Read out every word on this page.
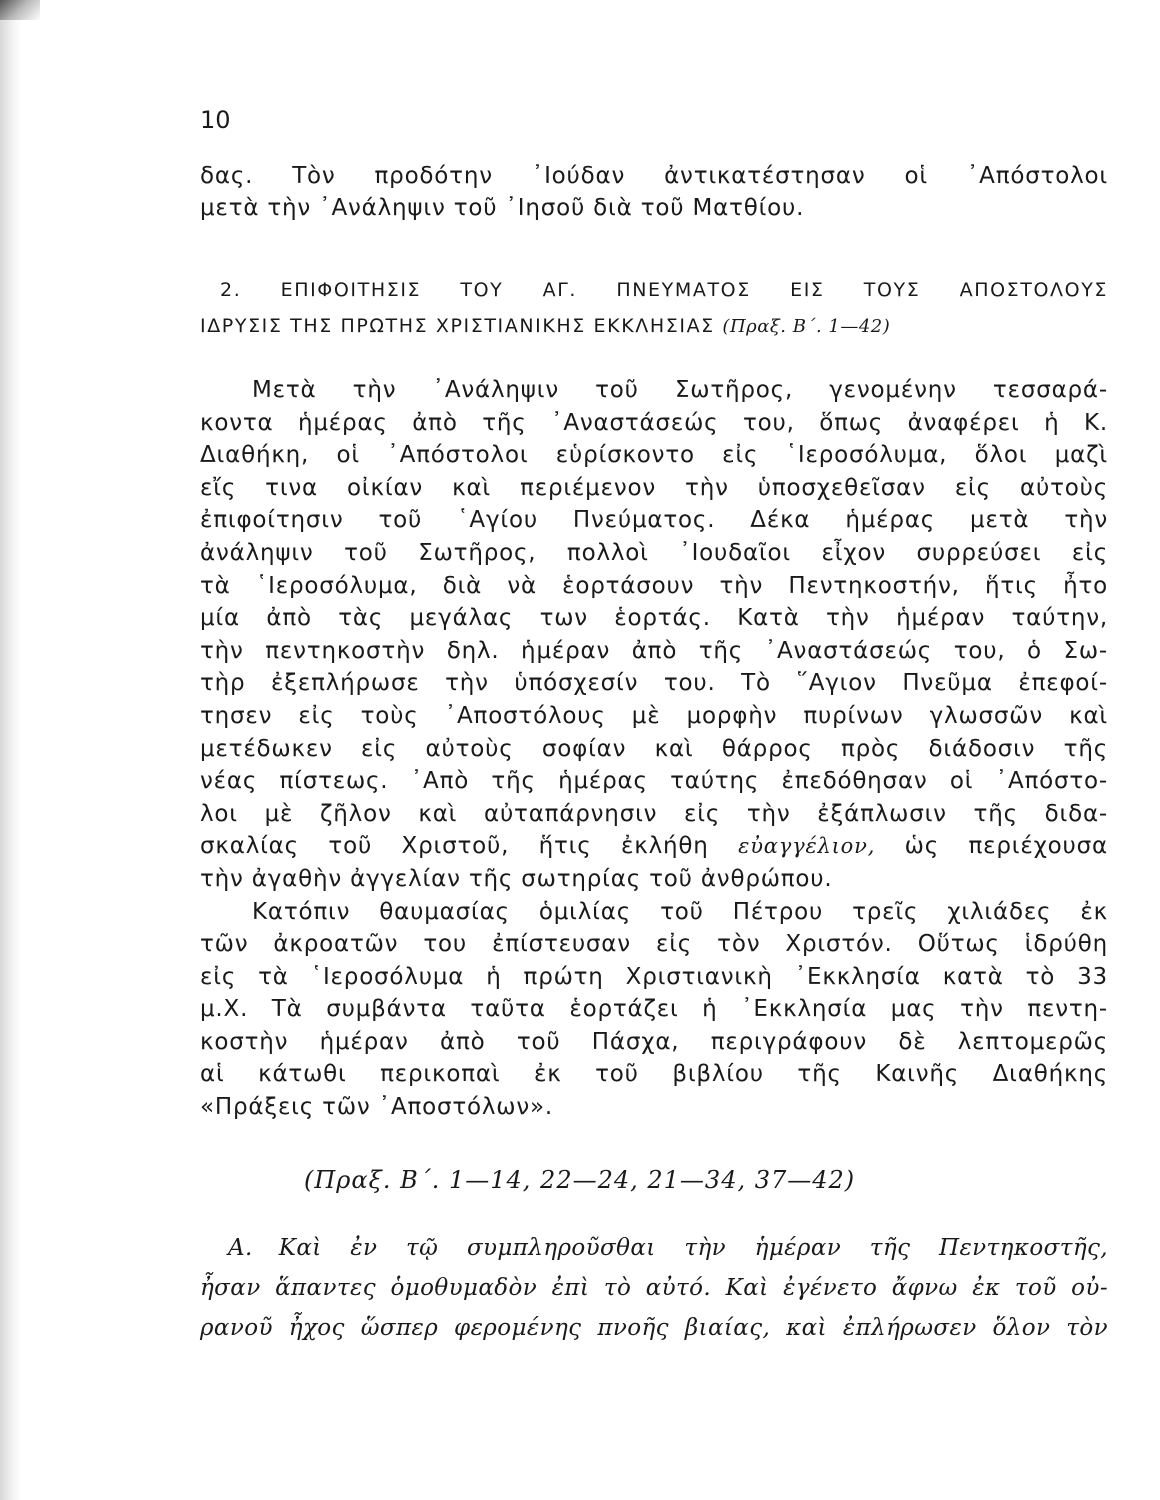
10
δας. Τὸν προδότην ᾿Ιούδαν ἀντικατέστησαν οἱ ᾿Απόστολοι
μετὰ τὴν ᾿Ανάληψιν τοῦ ᾿Ιησοῦ διὰ τοῦ Ματθίου.
2. ΕΠΙΦΟΙΤΗΣΙΣ ΤΟΥ ΑΓ. ΠΝΕΥΜΑΤΟΣ ΕΙΣ ΤΟΥΣ ΑΠΟΣΤΟΛΟΥΣ
ΙΔΡΥΣΙΣ ΤΗΣ ΠΡΩΤΗΣ ΧΡΙΣΤΙΑΝΙΚΗΣ ΕΚΚΛΗΣΙΑΣ (Πραξ. Β΄. 1—42)
Μετὰ τὴν ᾿Ανάληψιν τοῦ Σωτῆρος, γενομένην τεσσαρά-
κοντα ἡμέρας ἀπὸ τῆς ᾿Αναστάσεώς του, ὅπως ἀναφέρει ἡ Κ.
Διαθήκη, οἱ ᾿Απόστολοι εὑρίσκοντο εἰς ῾Ιεροσόλυμα, ὅλοι μαζὶ
εἴς τινα οἰκίαν καὶ περιέμενον τὴν ὑποσχεθεῖσαν εἰς αὐτοὺς
ἐπιφοίτησιν τοῦ ῾Αγίου Πνεύματος. Δέκα ἡμέρας μετὰ τὴν
ἀνάληψιν τοῦ Σωτῆρος, πολλοὶ ᾿Ιουδαῖοι εἶχον συρρεύσει εἰς
τὰ ῾Ιεροσόλυμα, διὰ νὰ ἑορτάσουν τὴν Πεντηκοστήν, ἥτις ἦτο
μία ἀπὸ τὰς μεγάλας των ἑορτάς. Κατὰ τὴν ἡμέραν ταύτην,
τὴν πεντηκοστὴν δηλ. ἡμέραν ἀπὸ τῆς ᾿Αναστάσεώς του, ὁ Σω-
τὴρ ἐξεπλήρωσε τὴν ὑπόσχεσίν του. Τὸ ῞Αγιον Πνεῦμα ἐπεφοί-
τησεν εἰς τοὺς ᾿Αποστόλους μὲ μορφὴν πυρίνων γλωσσῶν καὶ
μετέδωκεν εἰς αὐτοὺς σοφίαν καὶ θάρρος πρὸς διάδοσιν τῆς
νέας πίστεως. ᾿Απὸ τῆς ἡμέρας ταύτης ἐπεδόθησαν οἱ ᾿Απόστο-
λοι μὲ ζῆλον καὶ αὐταπάρνησιν εἰς τὴν ἐξάπλωσιν τῆς διδα-
σκαλίας τοῦ Χριστοῦ, ἥτις ἐκλήθη εὐαγγέλιον, ὡς περιέχουσα
τὴν ἀγαθὴν ἀγγελίαν τῆς σωτηρίας τοῦ ἀνθρώπου.
Κατόπιν θαυμασίας ὁμιλίας τοῦ Πέτρου τρεῖς χιλιάδες ἐκ
τῶν ἀκροατῶν του ἐπίστευσαν εἰς τὸν Χριστόν. Οὕτως ἱδρύθη
εἰς τὰ ῾Ιεροσόλυμα ἡ πρώτη Χριστιανικὴ ᾿Εκκλησία κατὰ τὸ 33
μ.Χ. Τὰ συμβάντα ταῦτα ἑορτάζει ἡ ᾿Εκκλησία μας τὴν πεντη-
κοστὴν ἡμέραν ἀπὸ τοῦ Πάσχα, περιγράφουν δὲ λεπτομερῶς
αἱ κάτωθι περικοπαὶ ἐκ τοῦ βιβλίου τῆς Καινῆς Διαθήκης
«Πράξεις τῶν ᾿Αποστόλων».
(Πραξ. Β΄. 1—14, 22—24, 21—34, 37—42)
Α. Καὶ ἐν τῷ συμπληροῦσθαι τὴν ἡμέραν τῆς Πεντηκοστῆς,
ἦσαν ἅπαντες ὁμοθυμαδὸν ἐπὶ τὸ αὐτό. Καὶ ἐγένετο ἄφνω ἐκ τοῦ οὐ-
ρανοῦ ἦχος ὥσπερ φερομένης πνοῆς βιαίας, καὶ ἐπλήρωσεν ὅλον τὸν
